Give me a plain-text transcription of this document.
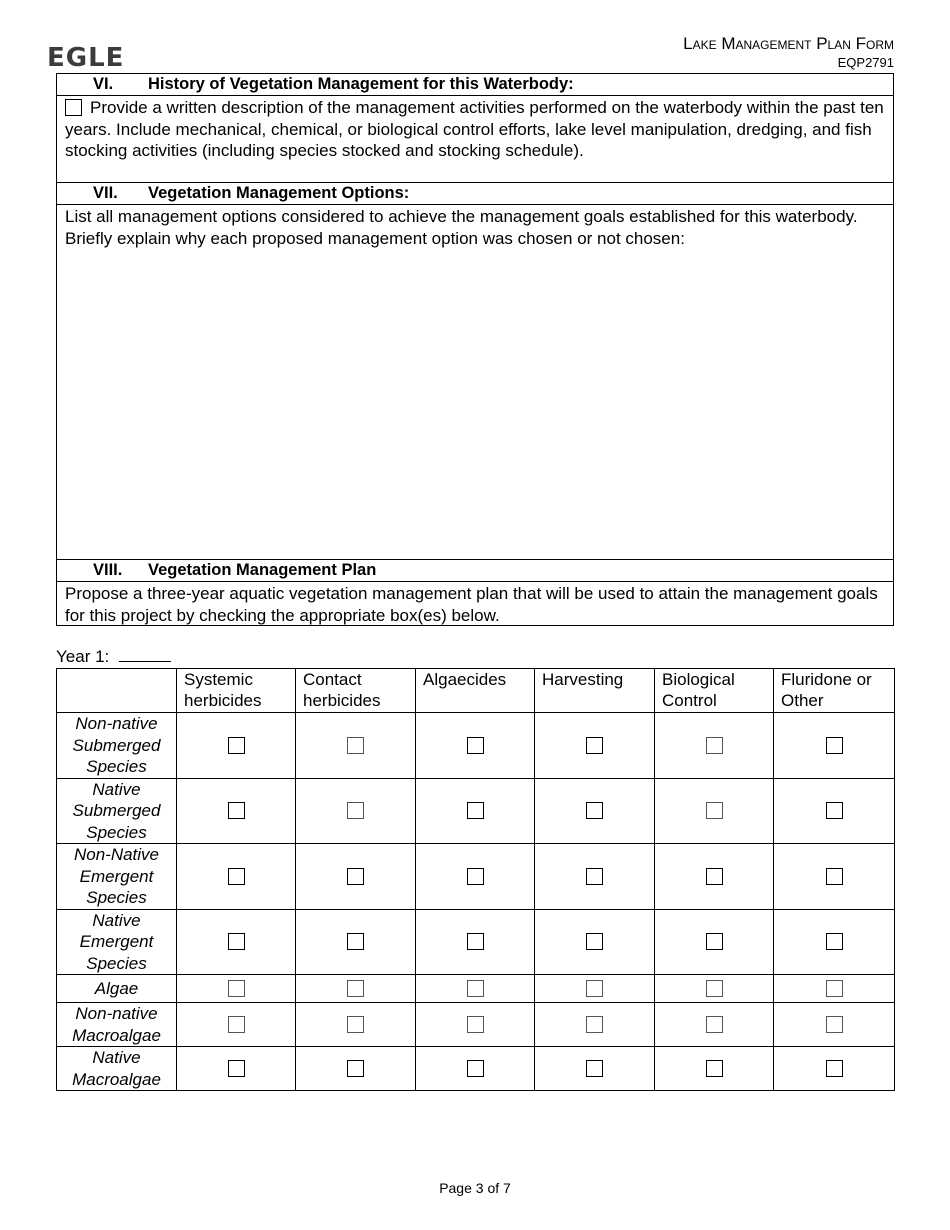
EGLE	Lake Management Plan Form
EQP2791
VI. History of Vegetation Management for this Waterbody:
Provide a written description of the management activities performed on the waterbody within the past ten years. Include mechanical, chemical, or biological control efforts, lake level manipulation, dredging, and fish stocking activities (including species stocked and stocking schedule).
VII. Vegetation Management Options:
List all management options considered to achieve the management goals established for this waterbody. Briefly explain why each proposed management option was chosen or not chosen:
VIII. Vegetation Management Plan
Propose a three-year aquatic vegetation management plan that will be used to attain the management goals for this project by checking the appropriate box(es) below.
Year 1:
	Systemic herbicides	Contact herbicides	Algaecides	Harvesting	Biological Control	Fluridone or Other
Non-native Submerged Species						
Native Submerged Species						
Non-Native Emergent Species						
Native Emergent Species						
Algae						
Non-native Macroalgae						
Native Macroalgae						
Page 3 of 7
